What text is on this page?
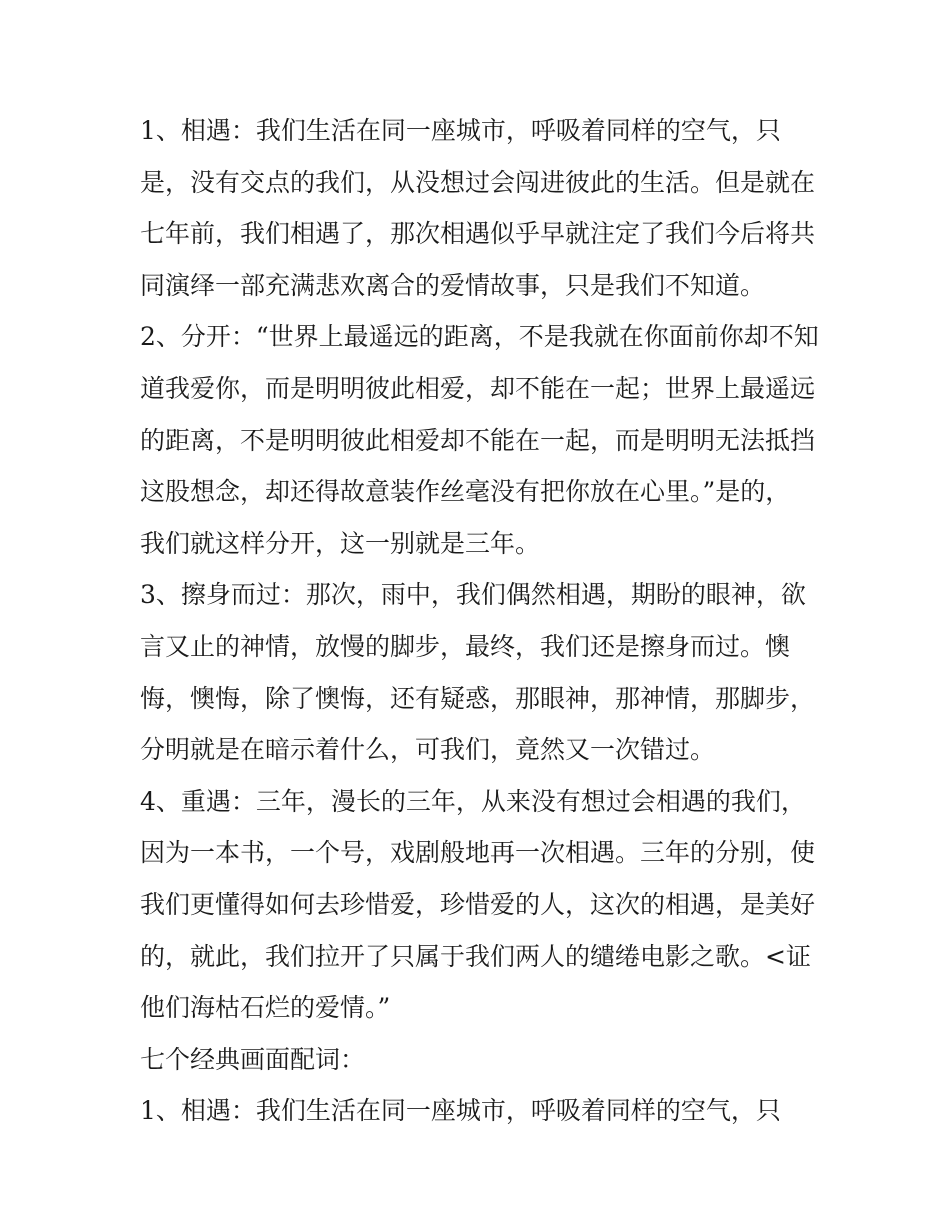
1、相遇：我们生活在同一座城市，呼吸着同样的空气，只
是，没有交点的我们，从没想过会闯进彼此的生活。但是就在
七年前，我们相遇了，那次相遇似乎早就注定了我们今后将共
同演绎一部充满悲欢离合的爱情故事，只是我们不知道。
2、分开：“世界上最遥远的距离，不是我就在你面前你却不知
道我爱你，而是明明彼此相爱，却不能在一起；世界上最遥远
的距离，不是明明彼此相爱却不能在一起，而是明明无法抵挡
这股想念，却还得故意装作丝毫没有把你放在心里。”是的，
我们就这样分开，这一别就是三年。
3、擦身而过：那次，雨中，我们偶然相遇，期盼的眼神，欲
言又止的神情，放慢的脚步，最终，我们还是擦身而过。懊
悔，懊悔，除了懊悔，还有疑惑，那眼神，那神情，那脚步，
分明就是在暗示着什么，可我们，竟然又一次错过。
4、重遇：三年，漫长的三年，从来没有想过会相遇的我们，
因为一本书，一个号，戏剧般地再一次相遇。三年的分别，使
我们更懂得如何去珍惜爱，珍惜爱的人，这次的相遇，是美好
的，就此，我们拉开了只属于我们两人的缱绻电影之歌。<证
他们海枯石烂的爱情。”
七个经典画面配词：
1、相遇：我们生活在同一座城市，呼吸着同样的空气，只
